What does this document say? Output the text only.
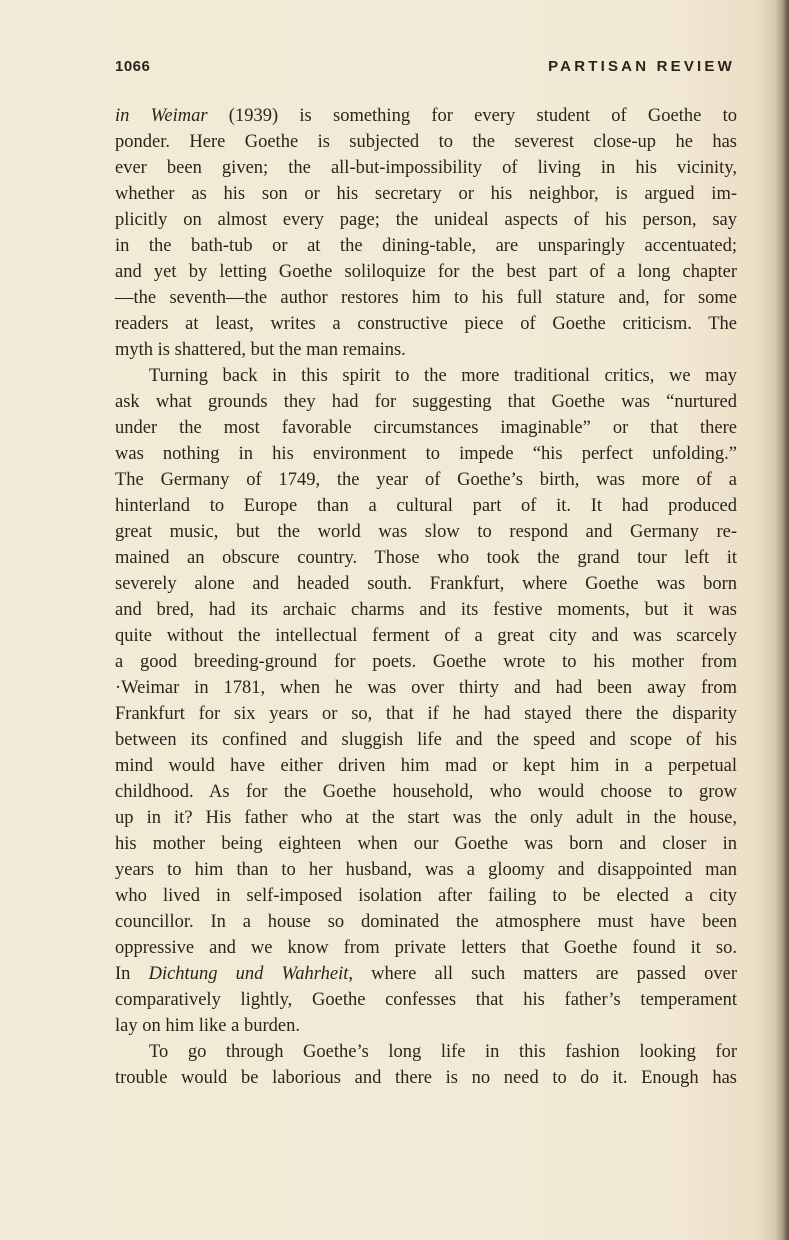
1066	PARTISAN REVIEW
in Weimar (1939) is something for every student of Goethe to
ponder. Here Goethe is subjected to the severest close-up he has
ever been given; the all-but-impossibility of living in his vicinity,
whether as his son or his secretary or his neighbor, is argued im-
plicitly on almost every page; the unideal aspects of his person, say
in the bath-tub or at the dining-table, are unsparingly accentuated;
and yet by letting Goethe soliloquize for the best part of a long chapter
—the seventh—the author restores him to his full stature and, for some
readers at least, writes a constructive piece of Goethe criticism. The
myth is shattered, but the man remains.
Turning back in this spirit to the more traditional critics, we may
ask what grounds they had for suggesting that Goethe was “nurtured
under the most favorable circumstances imaginable” or that there
was nothing in his environment to impede “his perfect unfolding.”
The Germany of 1749, the year of Goethe’s birth, was more of a
hinterland to Europe than a cultural part of it. It had produced
great music, but the world was slow to respond and Germany re-
mained an obscure country. Those who took the grand tour left it
severely alone and headed south. Frankfurt, where Goethe was born
and bred, had its archaic charms and its festive moments, but it was
quite without the intellectual ferment of a great city and was scarcely
a good breeding-ground for poets. Goethe wrote to his mother from
·Weimar in 1781, when he was over thirty and had been away from
Frankfurt for six years or so, that if he had stayed there the disparity
between its confined and sluggish life and the speed and scope of his
mind would have either driven him mad or kept him in a perpetual
childhood. As for the Goethe household, who would choose to grow
up in it? His father who at the start was the only adult in the house,
his mother being eighteen when our Goethe was born and closer in
years to him than to her husband, was a gloomy and disappointed man
who lived in self-imposed isolation after failing to be elected a city
councillor. In a house so dominated the atmosphere must have been
oppressive and we know from private letters that Goethe found it so.
In Dichtung und Wahrheit, where all such matters are passed over
comparatively lightly, Goethe confesses that his father’s temperament
lay on him like a burden.
To go through Goethe’s long life in this fashion looking for
trouble would be laborious and there is no need to do it. Enough has
